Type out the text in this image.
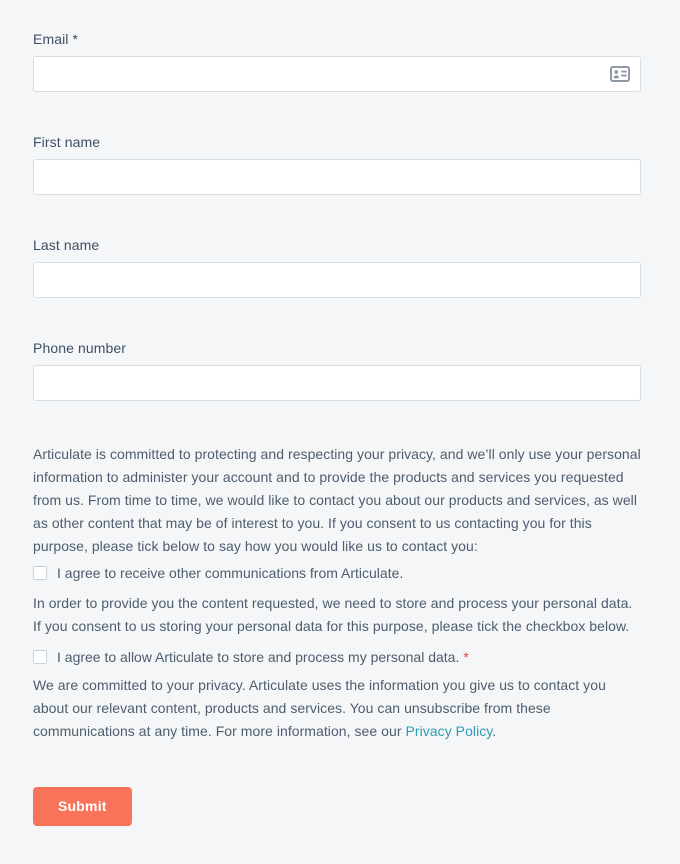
Email *
First name
Last name
Phone number

Articulate is committed to protecting and respecting your privacy, and we’ll only use your personal information to administer your account and to provide the products and services you requested from us. From time to time, we would like to contact you about our products and services, as well as other content that may be of interest to you. If you consent to us contacting you for this purpose, please tick below to say how you would like us to contact you:

I agree to receive other communications from Articulate.

In order to provide you the content requested, we need to store and process your personal data. If you consent to us storing your personal data for this purpose, please tick the checkbox below.

I agree to allow Articulate to store and process my personal data. *

We are committed to your privacy. Articulate uses the information you give us to contact you about our relevant content, products and services. You can unsubscribe from these communications at any time. For more information, see our Privacy Policy.

Submit
